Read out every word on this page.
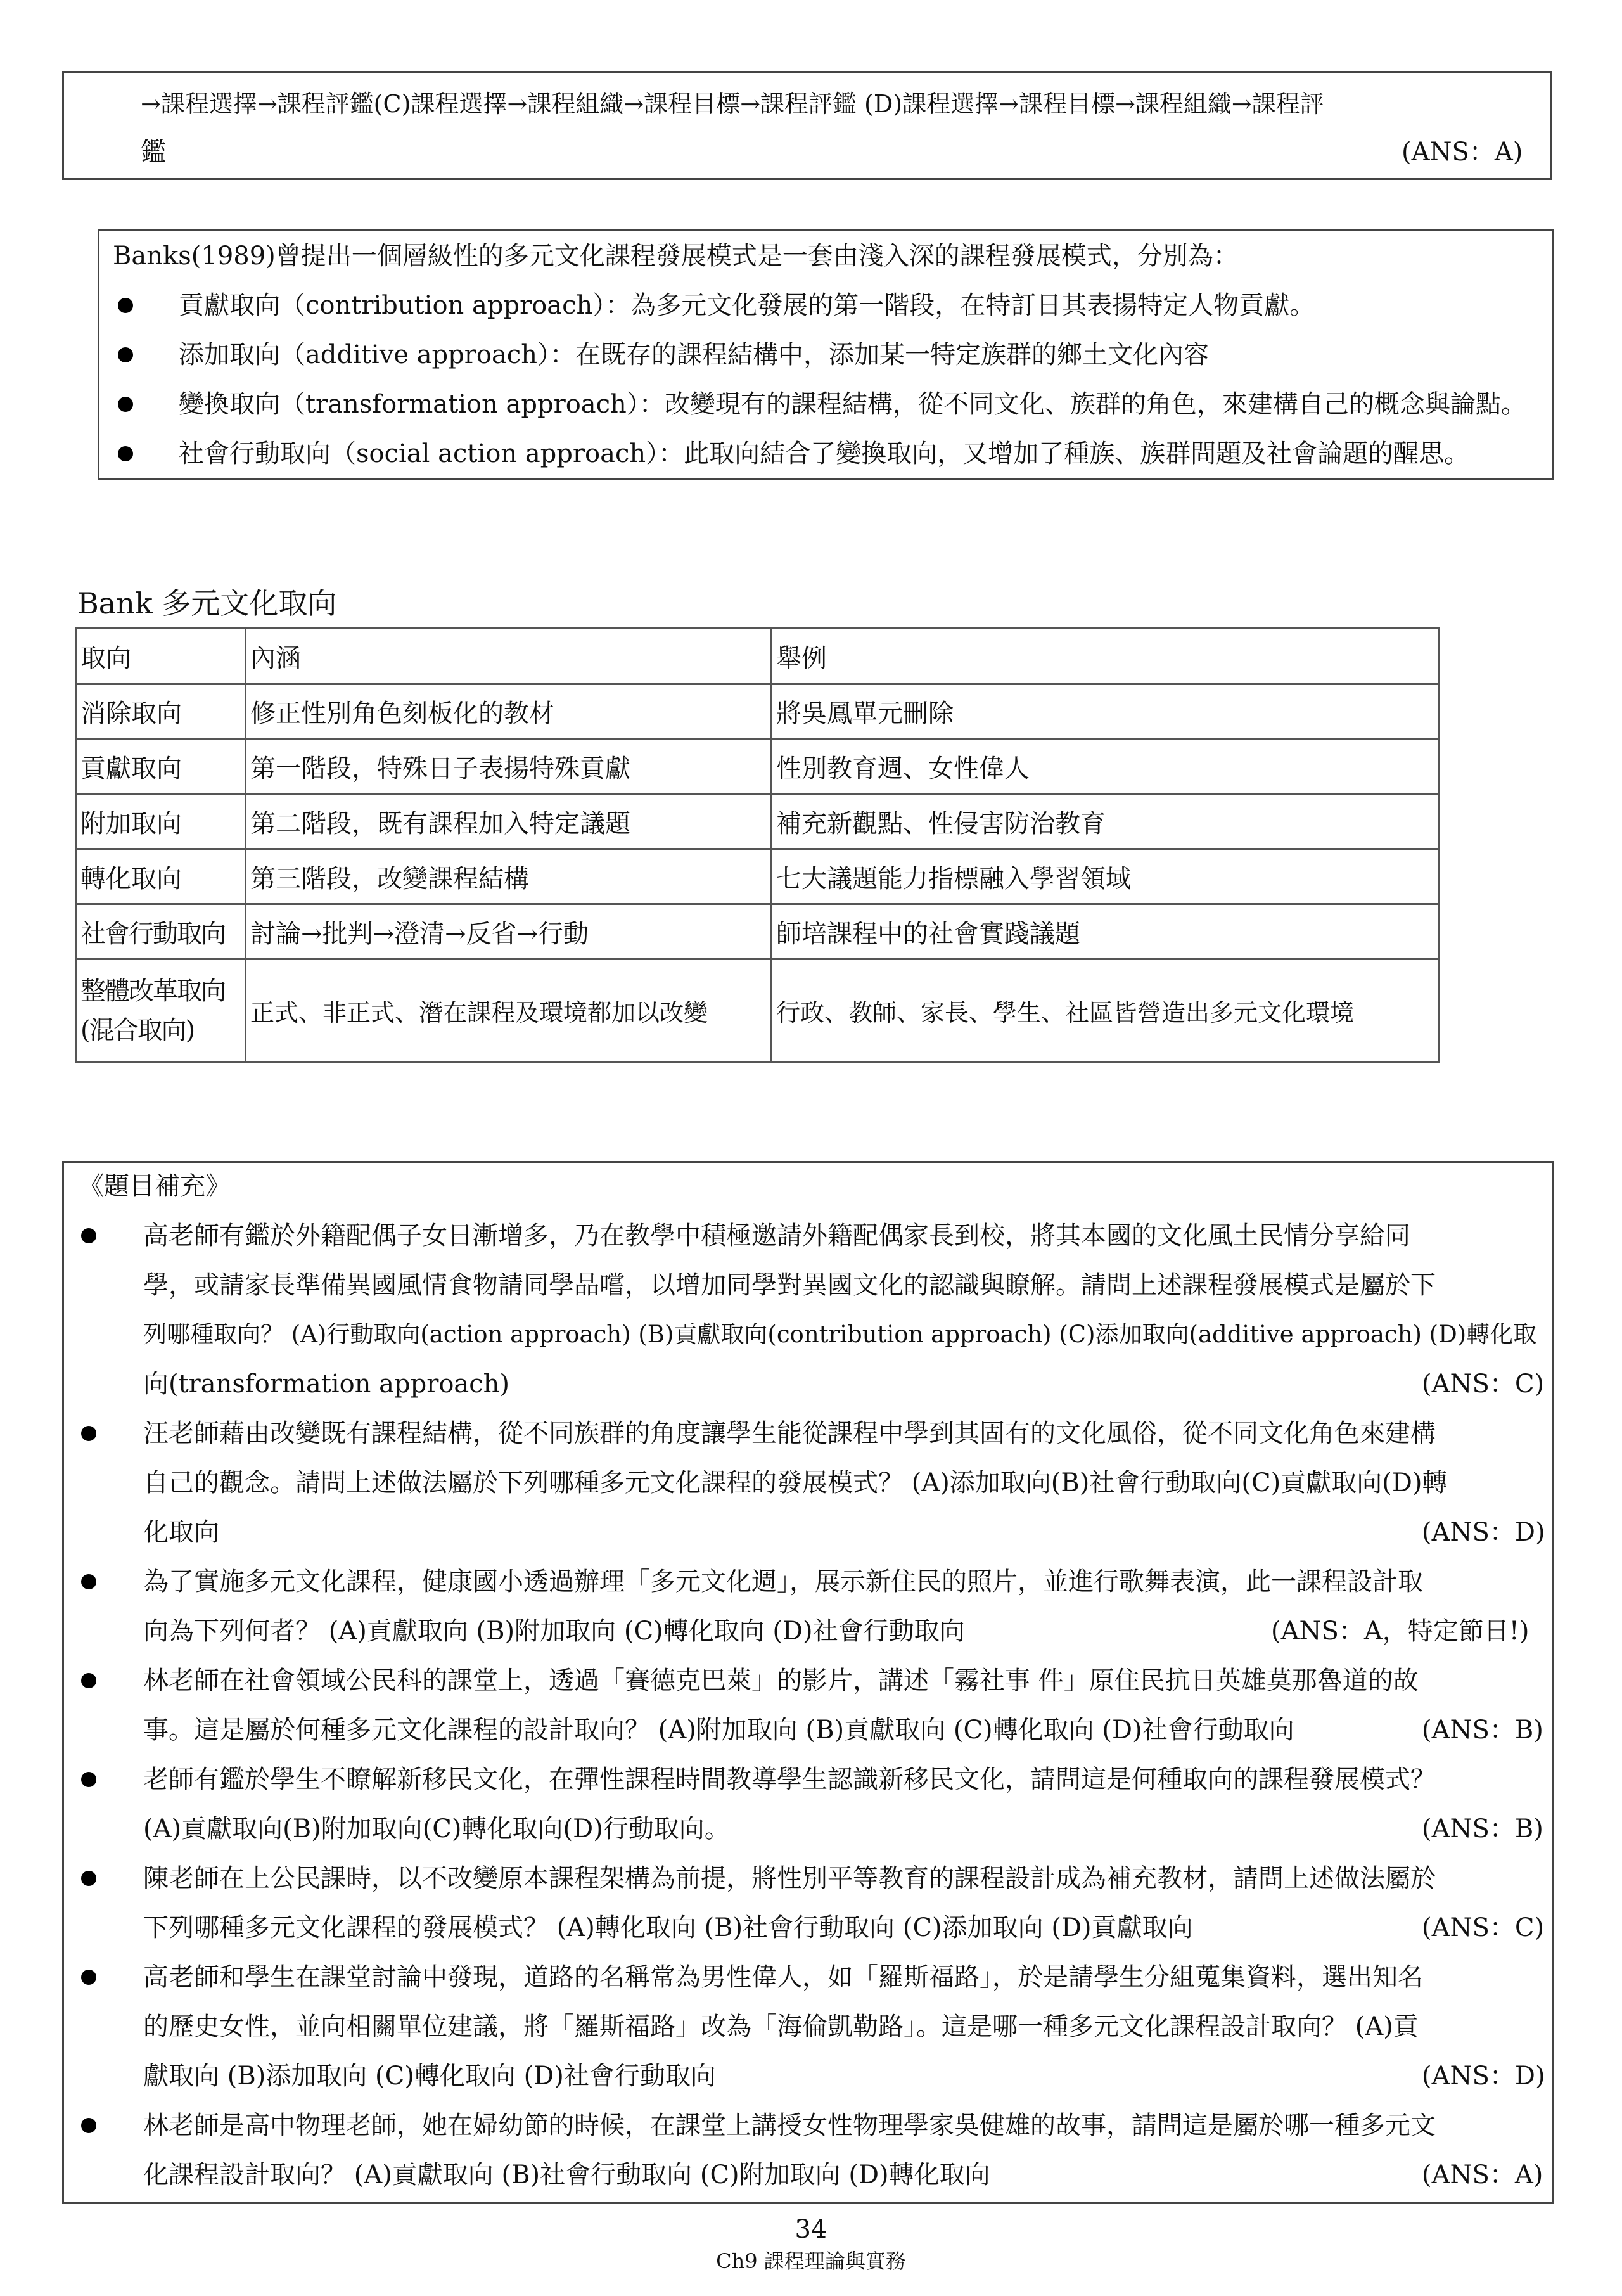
→課程選擇→課程評鑑(C)課程選擇→課程組織→課程目標→課程評鑑 (D)課程選擇→課程目標→課程組織→課程評
鑑	(ANS：A)
Banks(1989)曾提出一個層級性的多元文化課程發展模式是一套由淺入深的課程發展模式，分別為：
貢獻取向（contribution approach）：為多元文化發展的第一階段，在特訂日其表揚特定人物貢獻。
添加取向（additive approach）：在既存的課程結構中，添加某一特定族群的鄉土文化內容
變換取向（transformation approach）：改變現有的課程結構，從不同文化、族群的角色，來建構自己的概念與論點。
社會行動取向（social action approach）：此取向結合了變換取向，又增加了種族、族群問題及社會論題的醒思。
Bank 多元文化取向
取向	內涵	舉例
消除取向	修正性別角色刻板化的教材	將吳鳳單元刪除
貢獻取向	第一階段，特殊日子表揚特殊貢獻	性別教育週、女性偉人
附加取向	第二階段，既有課程加入特定議題	補充新觀點、性侵害防治教育
轉化取向	第三階段，改變課程結構	七大議題能力指標融入學習領域
社會行動取向	討論→批判→澄清→反省→行動	師培課程中的社會實踐議題

整體改革取向
(混合取向)	正式、非正式、潛在課程及環境都加以改變	行政、教師、家長、學生、社區皆營造出多元文化環境
《題目補充》
高老師有鑑於外籍配偶子女日漸增多，乃在教學中積極邀請外籍配偶家長到校，將其本國的文化風土民情分享給同
學，或請家長準備異國風情食物請同學品嚐，以增加同學對異國文化的認識與瞭解。請問上述課程發展模式是屬於下
列哪種取向？ (A)行動取向(action approach) (B)貢獻取向(contribution approach) (C)添加取向(additive approach) (D)轉化取
向(transformation approach)	(ANS：C)
汪老師藉由改變既有課程結構，從不同族群的角度讓學生能從課程中學到其固有的文化風俗，從不同文化角色來建構
自己的觀念。請問上述做法屬於下列哪種多元文化課程的發展模式？ (A)添加取向(B)社會行動取向(C)貢獻取向(D)轉
化取向	(ANS：D)
為了實施多元文化課程，健康國小透過辦理「多元文化週」，展示新住民的照片，並進行歌舞表演，此一課程設計取
向為下列何者？ (A)貢獻取向 (B)附加取向 (C)轉化取向 (D)社會行動取向	(ANS：A，特定節日!)
林老師在社會領域公民科的課堂上，透過「賽德克巴萊」的影片，講述「霧社事 件」原住民抗日英雄莫那魯道的故
事。這是屬於何種多元文化課程的設計取向？ (A)附加取向 (B)貢獻取向 (C)轉化取向 (D)社會行動取向	(ANS：B)
老師有鑑於學生不瞭解新移民文化，在彈性課程時間教導學生認識新移民文化，請問這是何種取向的課程發展模式？
(A)貢獻取向(B)附加取向(C)轉化取向(D)行動取向。	(ANS：B)
陳老師在上公民課時，以不改變原本課程架構為前提，將性別平等教育的課程設計成為補充教材，請問上述做法屬於
下列哪種多元文化課程的發展模式？ (A)轉化取向 (B)社會行動取向 (C)添加取向 (D)貢獻取向	(ANS：C)
高老師和學生在課堂討論中發現，道路的名稱常為男性偉人，如「羅斯福路」，於是請學生分組蒐集資料，選出知名
的歷史女性，並向相關單位建議，將「羅斯福路」改為「海倫凱勒路」。這是哪一種多元文化課程設計取向？ (A)貢
獻取向 (B)添加取向 (C)轉化取向 (D)社會行動取向	(ANS：D)
林老師是高中物理老師，她在婦幼節的時候，在課堂上講授女性物理學家吳健雄的故事，請問這是屬於哪一種多元文
化課程設計取向？ (A)貢獻取向 (B)社會行動取向 (C)附加取向 (D)轉化取向	(ANS：A)
34
Ch9 課程理論與實務
